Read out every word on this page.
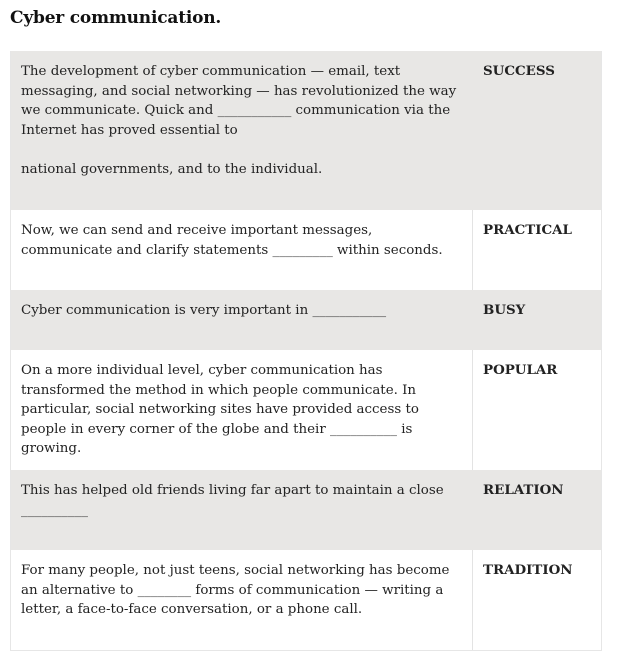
Cyber communication.
The development of cyber communication — email, text messaging, and social networking — has revolutionized the way we communicate. Quick and ___________ communication via the Internet has proved essential to
national governments, and to the individual.
SUCCESS
Now, we can send and receive important messages, communicate and clarify statements _________ within seconds.
PRACTICAL
Cyber communication is very important in ___________	BUSY
On a more individual level, cyber communication has transformed the method in which people communicate. In particular, social networking sites have provided access to people in every corner of the globe and their __________ is growing.
POPULAR
This has helped old friends living far apart to maintain a close
__________
RELATION
For many people, not just teens, social networking has become an alternative to ________ forms of communication — writing a letter, a face-to-face conversation, or a phone call.
TRADITION
